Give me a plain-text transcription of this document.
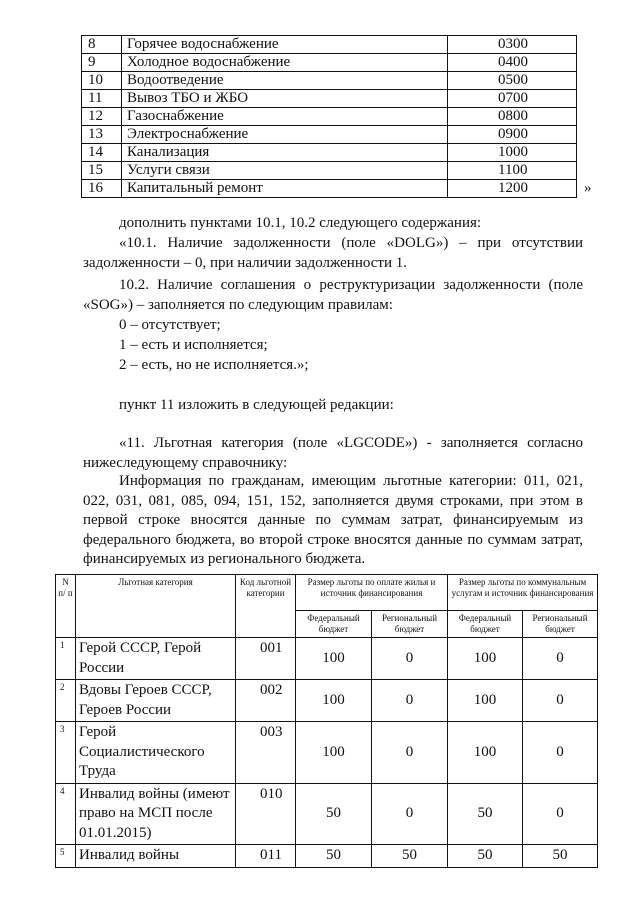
8	Горячее водоснабжение	0300
9	Холодное водоснабжение	0400
10	Водоотведение	0500
11	Вывоз ТБО и ЖБО	0700
12	Газоснабжение	0800
13	Электроснабжение	0900
14	Канализация	1000
15	Услуги связи	1100
16	Капитальный ремонт	1200	»

дополнить пунктами 10.1, 10.2 следующего содержания:

«10.1. Наличие задолженности (поле «DOLG») – при отсутствии задолженности – 0, при наличии задолженности 1.

10.2. Наличие соглашения о реструктуризации задолженности (поле «SOG») – заполняется по следующим правилам:

0 – отсутствует;

1 – есть и исполняется;

2 – есть, но не исполняется.»;

пункт 11 изложить в следующей редакции:

«11. Льготная категория (поле «LGCODE») - заполняется согласно нижеследующему справочнику:

Информация по гражданам, имеющим льготные категории: 011, 021, 022, 031, 081, 085, 094, 151, 152, заполняется двумя строками, при этом в первой строке вносятся данные по суммам затрат, финансируемым из федерального бюджета, во второй строке вносятся данные по суммам затрат, финансируемых из регионального бюджета.

N п/ п	Льготная категория	Код льготной категории	Размер льготы по оплате жилья и источник финансирования		Размер льготы по коммунальным услугам и источник финансирования	
			Федеральный бюджет	Региональный бюджет	Федеральный бюджет	Региональный бюджет
1	Герой СССР, Герой России	001	100	0	100	0
2	Вдовы Героев СССР, Героев России	002	100	0	100	0
3	Герой Социалистического Труда	003	100	0	100	0
4	Инвалид войны (имеют право на МСП после 01.01.2015)	010	50	0	50	0
5	Инвалид войны	011	50	50	50	50
